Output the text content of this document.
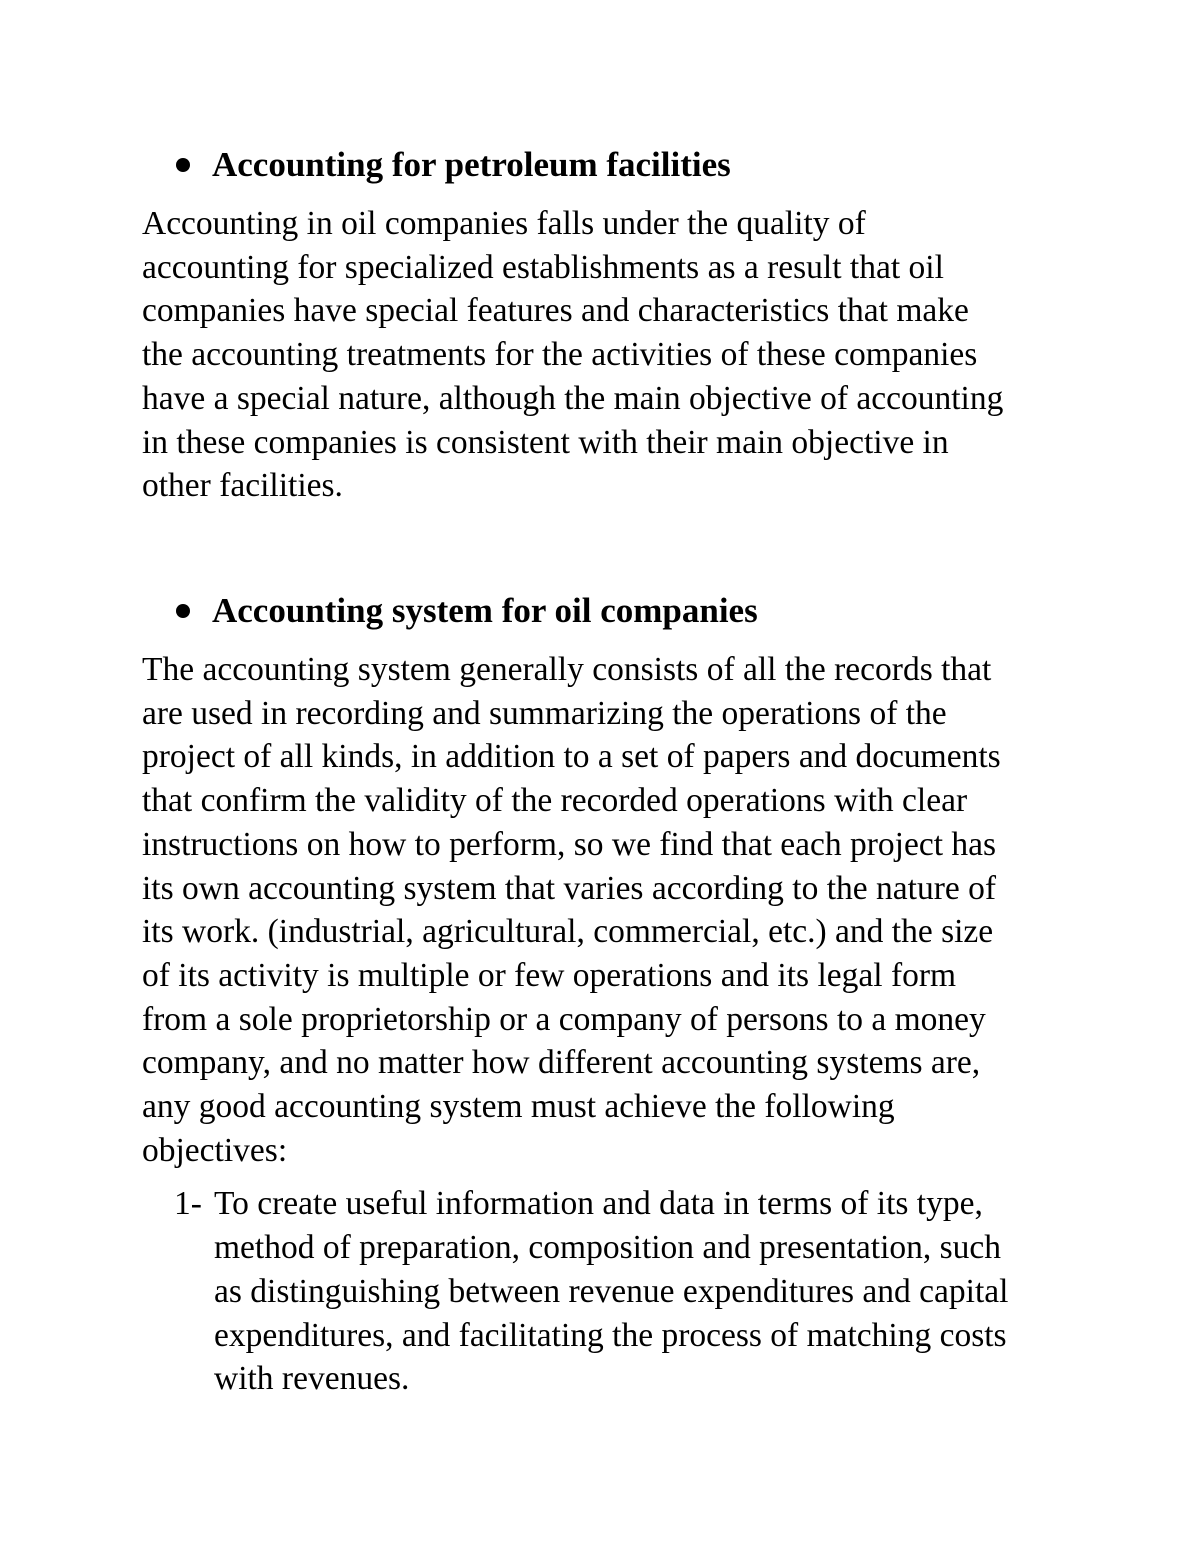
Accounting for petroleum facilities

Accounting in oil companies falls under the quality of
accounting for specialized establishments as a result that oil
companies have special features and characteristics that make
the accounting treatments for the activities of these companies
have a special nature, although the main objective of accounting
in these companies is consistent with their main objective in
other facilities.

Accounting system for oil companies

The accounting system generally consists of all the records that
are used in recording and summarizing the operations of the
project of all kinds, in addition to a set of papers and documents
that confirm the validity of the recorded operations with clear
instructions on how to perform, so we find that each project has
its own accounting system that varies according to the nature of
its work. (industrial, agricultural, commercial, etc.) and the size
of its activity is multiple or few operations and its legal form
from a sole proprietorship or a company of persons to a money
company, and no matter how different accounting systems are,
any good accounting system must achieve the following
objectives:

1- To create useful information and data in terms of its type,
method of preparation, composition and presentation, such
as distinguishing between revenue expenditures and capital
expenditures, and facilitating the process of matching costs
with revenues.
